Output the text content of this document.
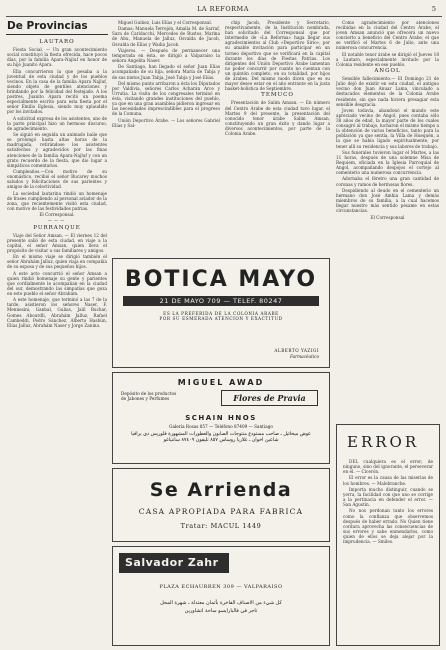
LA REFORMA	5
De Provincias

LAUTARO

Fiesta Social. — Un gran acontecimiento social constituyó la fiesta ofrecida, hace pocos días, por la familia Apara-Najluf en honor de su hijo Juanito Apara.

Ella concurrieron la que pesaba a la juventud de esta ciudad y de los pueblos vecinos. En la casa de la familia Apara Najluf, siendo objeto de gentiles atenciones y brindando por la felicidad del festejado. A los postres, Juanito Apara recitó un poema especialmente escrito para esta fiesta por el señor Emilio Eglesia, siendo muy aplaudido por los invitados.

A solicitud expresa de los asistentes, uno de la parte principal hizo un hermoso discurso, de agradecimiento.

Se siguió en seguida un animado baile que se prolongó hasta altas horas de la madrugada, retirándose los asistentes satisfechos y agradecidos por las finas atenciones de la familia Apara-Najluf y con un grato recuerdo de la fiesta, que dio lugar a simpáticos comentarios.

Cumpleaños.—Con motivo de su onomástico, recibió el señor Bucarey muchos saludos y felicitaciones de sus parientes y amigos de la colectividad.

La sociedad lautarina rindió un homenaje de frases cumpliendo al personal aviador de la zona, que recientemente visitó esta ciudad, con motivo de las festividades patrias.

El Corresponsal.

———

PURRANQUE

Viaje del Señor Amsan. — El viernes 12 del presente salió de esta ciudad, en viaje a la capital, el señor Amsan, quien lleva el propósito de visitar a sus familiares y amigos.

En el mismo viaje se dirigió también el señor Abrahám Jalluz, quien viaja en compañía de su esposa y de sus pequeños hijos.

A este acto concurrió el señor Amsan a quien rindió homenaje su gente y parientes que cordialmente le acompañan en la ciudad del sur, demostrando las simpatías que goza en este pueblo el señor Abrahám.

A este homenaje, que terminó a las 7 de la tarde, asistieron los señores Naser, F. Mennesini, Ganbal, Gulias, Jalil Buchar, Gomes Abourdli, Abrahám Jalluz, Rafael Cambeddi, Pedro Sánchez, Alberto Hasbún, Elías Jalluz, Abrahám Naser y Jorge Zanina.

Miguel Guiñez, Luis Elías y el Corresponsal.

Damas: Manuela Terrejón, Amalia M. de Sarraf, Sara de Caridacchi, Mercedes de Bustos, Marina de Abu, Manuela de Jalluz, Osvalda de Jacob, Osvalda de Elías y Wadia Jacob.

Viajeros. — Después de permanecer una temporada en ésta, se dirigió a Valparaíso la señora Angelita Naser.

De Santiago, han llegado el señor Juan Elías acompañado de su hija, señora María de Tabja y de sus nietos Juan Tabja, José Tabja y José Elías.

Del mismo punto arribaron a ésta los Diputados por Valdivia, señores Carlos Acharán Arce y Urrutia. La visita de los congresales terminó en ésta, visitando grandes instituciones del pueblo, ya que en una gran asamblea pidieron ingresar en las necesidades imprescindibles para el progreso de la Comuna.

Unión Deportivo Árabe. — Los señores Gabriel Elías y Sal-

chip Jacob, Presidente y Secretario, respectivamente, de la Institución nombrada, han solicitado del Corresponsal que por intermedio de «La Reforma» haga llegar sus agradecimientos al Club «Deportivo Sirio», por su amable invitación para participar en un torneo deportivo que se verificará en la capital durante los días de Fiestas Patrias. Los dirigentes del Unión Deportivo Árabe lamentan no poder concurrir por cuanto no cuentan con un quintón completo, en su totalidad, por hijos de árabes. Del mismo modo dicen que es su mayor deseo estar en el año entrante en la justa basket-bolística de Septiembre.

TEMUCO

Presentación de Salim Amsan. — En número del Centro Árabe de esta ciudad tuvo lugar, el Martes 9 del presente, la presentación del conocido tenor árabe Salim Amsan, constituyendo un gran éxito y dando lugar a diversos acontecimientos, por parte de la Colonia Árabe.

Como agradecimiento por atenciones recibidas en la ciudad del Centro Árabe, el joven Amsan anunció que ofrecerá un nuevo concierto a beneficio del Centro Árabe, el que se verificó el Martes 6 de Julio, ante una numerosa concurrencia.

El notable tenor árabe se dirigió el Jueves 18 a Lautaro, especialmente invitado por la Colonia residente en ese pueblo.

ANGOL

Sensible fallecimiento.— El Domingo 21 de Julio dejó de existir en esta ciudad, el antiguo vecino don Juan Anuar Lama, vinculado a destacados elementos de la Colonia Árabe residente, sin que nada hiciera presagiar esta sensible desgracia.

Joven todavía, abandonó el mundo este apreciado vecino de Angol, pues contaba sólo 38 años de edad, la mayor parte de los cuales consagró al trabajo, lucharon el mismo tiempo a la obtención de varios beneficios, tanto para la población ya que sentía, la Villa de Huequén, a la que se había ligado espiritualmente, por tener allí su residencia y sus labores de trabajo.

Sus funerales tuvieron lugar el Martes, a las 11 horas, después de una solemne Misa de Requiem, oficiada en la Iglesia Parroquial de Angol, acompañando despojos el cortejo al cementerio una numerosa concurrencia.

Adornaba el féretro una gran cantidad de coronas y ramos de hermosas flores.

Despidiendo al deudo en el cementerio un hermano don José Amhia Lama y demás miembros de su familia, a la cual hacemos llegar nuestro más sentido pésame en estas circunstancias.

El Corresponsal

BOTICA MAYO
21 DE MAYO 709 — TELEF. 80247
ES LA PREFERIDA DE LA COLONIA ARABE
POR SU ESMERADA ATENCION Y EXACTITUD
ALBERTO YAZIGI
Farmacéutico
MIGUEL AWAD
Depósito de los productos
de Jabones y Perfumes	Flores de Pravia
SCHAIN HNOS
Galería Rosas 857 — Teléfono 87409 — Santiago
عوض ميخائيل ـ صاحب مستودع منتوجات الصابون والعطورات المشهورة فلوريس دي برافيا
شاعين اخوان ـ غلاريا روساس ٨٥٧ تليفون ٨٧٤٠٩ سانتياغو
Se Arrienda
CASA APROPIADA PARA FABRICA
Tratar: MACUL 1449
Salvador Zahr
PLAZA ECHAURREN 309 — VALPARAISO
كل شيء من الاصناف الفاخرة بأثمان معتدلة ـ شهرة المحل
تاجر في فالبارايسو ساحة اتشاورين
ERROR

DEL cualquiera es el error; de ninguno, sino del ignorante, el perseverar en él. — Cicerón.

El error es la causa de las miserias de los hombres. — Malebranche.

Importa mucho distinguir, cuando se yerra, la facilidad con que uno se corrige a la pertinacia en defender el error. — San Agustín.

No nos perdonan tanto los errores como la confianza que observemos después de haber errado. No Quien tiene cordura aprovecha las consecuencias de sus errores y sabe enmendarlos, como quien de ellos se deja alejar por la imprudencia. — Smiles.
